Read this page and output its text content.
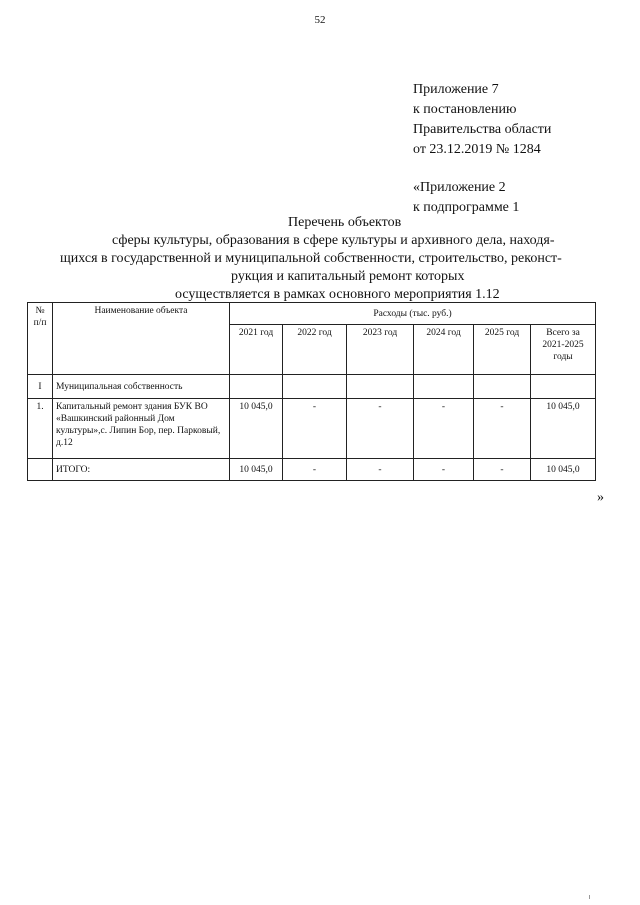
52
Приложение 7
к постановлению
Правительства области
от 23.12.2019 № 1284
«Приложение 2
к подпрограмме 1
Перечень объектов
сферы культуры, образования в сфере культуры и архивного дела, находя-
щихся в государственной и муниципальной собственности, строительство, реконст-
рукция и капитальный ремонт которых
осуществляется в рамках основного мероприятия 1.12
№ п/п	Наименование объекта	Расходы (тыс. руб.)					
		2021 год	2022 год	2023 год	2024 год	2025 год	Всего за 2021-2025 годы
I	Муниципальная собственность						
1.	Капитальный ремонт здания БУК ВО «Вашкинский районный Дом культуры»,с. Липин Бор, пер. Парковый, д.12	10 045,0	-	-	-	-	10 045,0
	ИТОГО:	10 045,0	-	-	-	-	10 045,0
»
